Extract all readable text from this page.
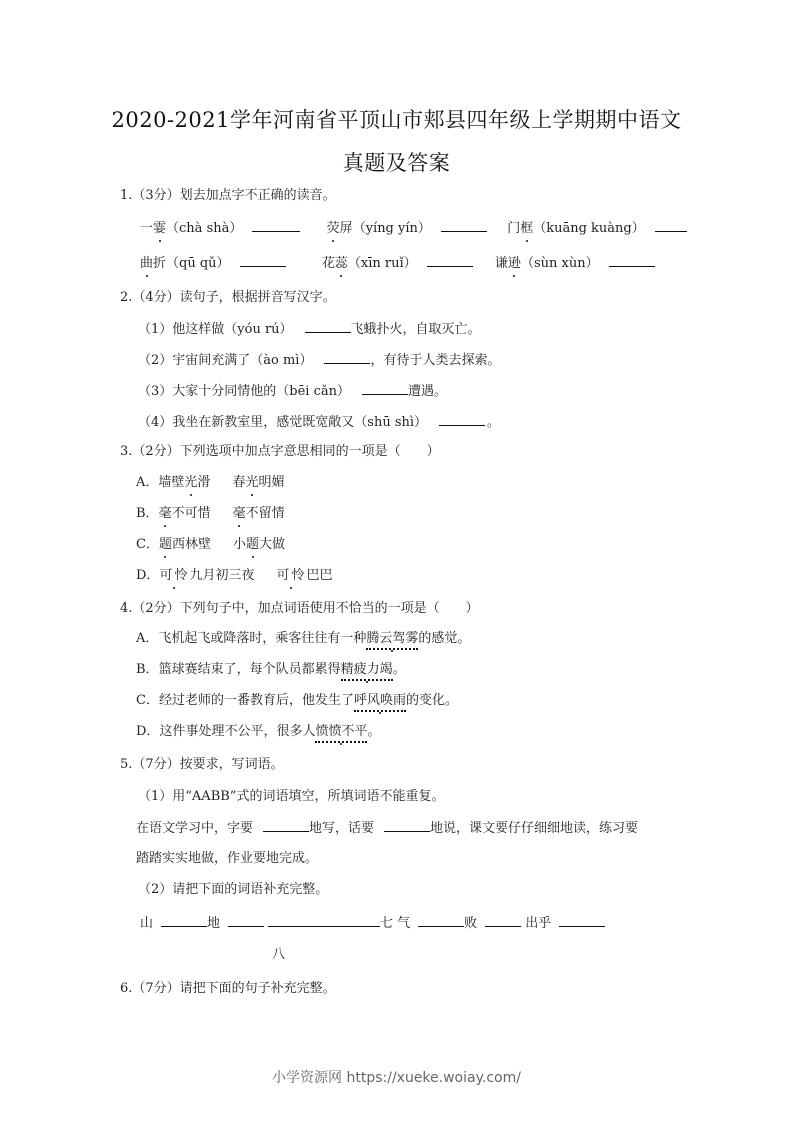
2020-2021学年河南省平顶山市郏县四年级上学期期中语文
真题及答案
1.（3分）划去加点字不正确的读音。
一霎（chà shà）	荧屏（yíng yín）	门框（kuāng kuàng）
曲折（qū qǔ）	花蕊（xīn ruǐ）	谦逊（sùn xùn）
2.（4分）读句子，根据拼音写汉字。
（1）他这样做（yóu rú）	飞蛾扑火，自取灭亡。
（2）宇宙间充满了（ào mì）	，有待于人类去探索。
（3）大家十分同情他的（bēi cǎn）	遭遇。
（4）我坐在新教室里，感觉既宽敞又（shū shì）	。
3.（2分）下列选项中加点字意思相同的一项是（　　）
A．墙壁光滑 春光明媚
B．毫不可惜 毫不留情
C．题西林壁 小题大做
D．可怜九月初三夜 可怜巴巴
4.（2分）下列句子中，加点词语使用不恰当的一项是（　　）
A．飞机起飞或降落时，乘客往往有一种腾云驾雾的感觉。
B．篮球赛结束了，每个队员都累得精疲力竭。
C．经过老师的一番教育后，他发生了呼风唤雨的变化。
D．这件事处理不公平，很多人愤愤不平。
5.（7分）按要求，写词语。
（1）用“AABB”式的词语填空，所填词语不能重复。
在语文学习中，字要	地写，话要	地说，课文要仔仔细细地读，练习要
踏踏实实地做，作业要地完成。
（2）请把下面的词语补充完整。
山	地	七 气	败	出乎
八
6.（7分）请把下面的句子补充完整。
小学资源网 https://xueke.woiay.com/
